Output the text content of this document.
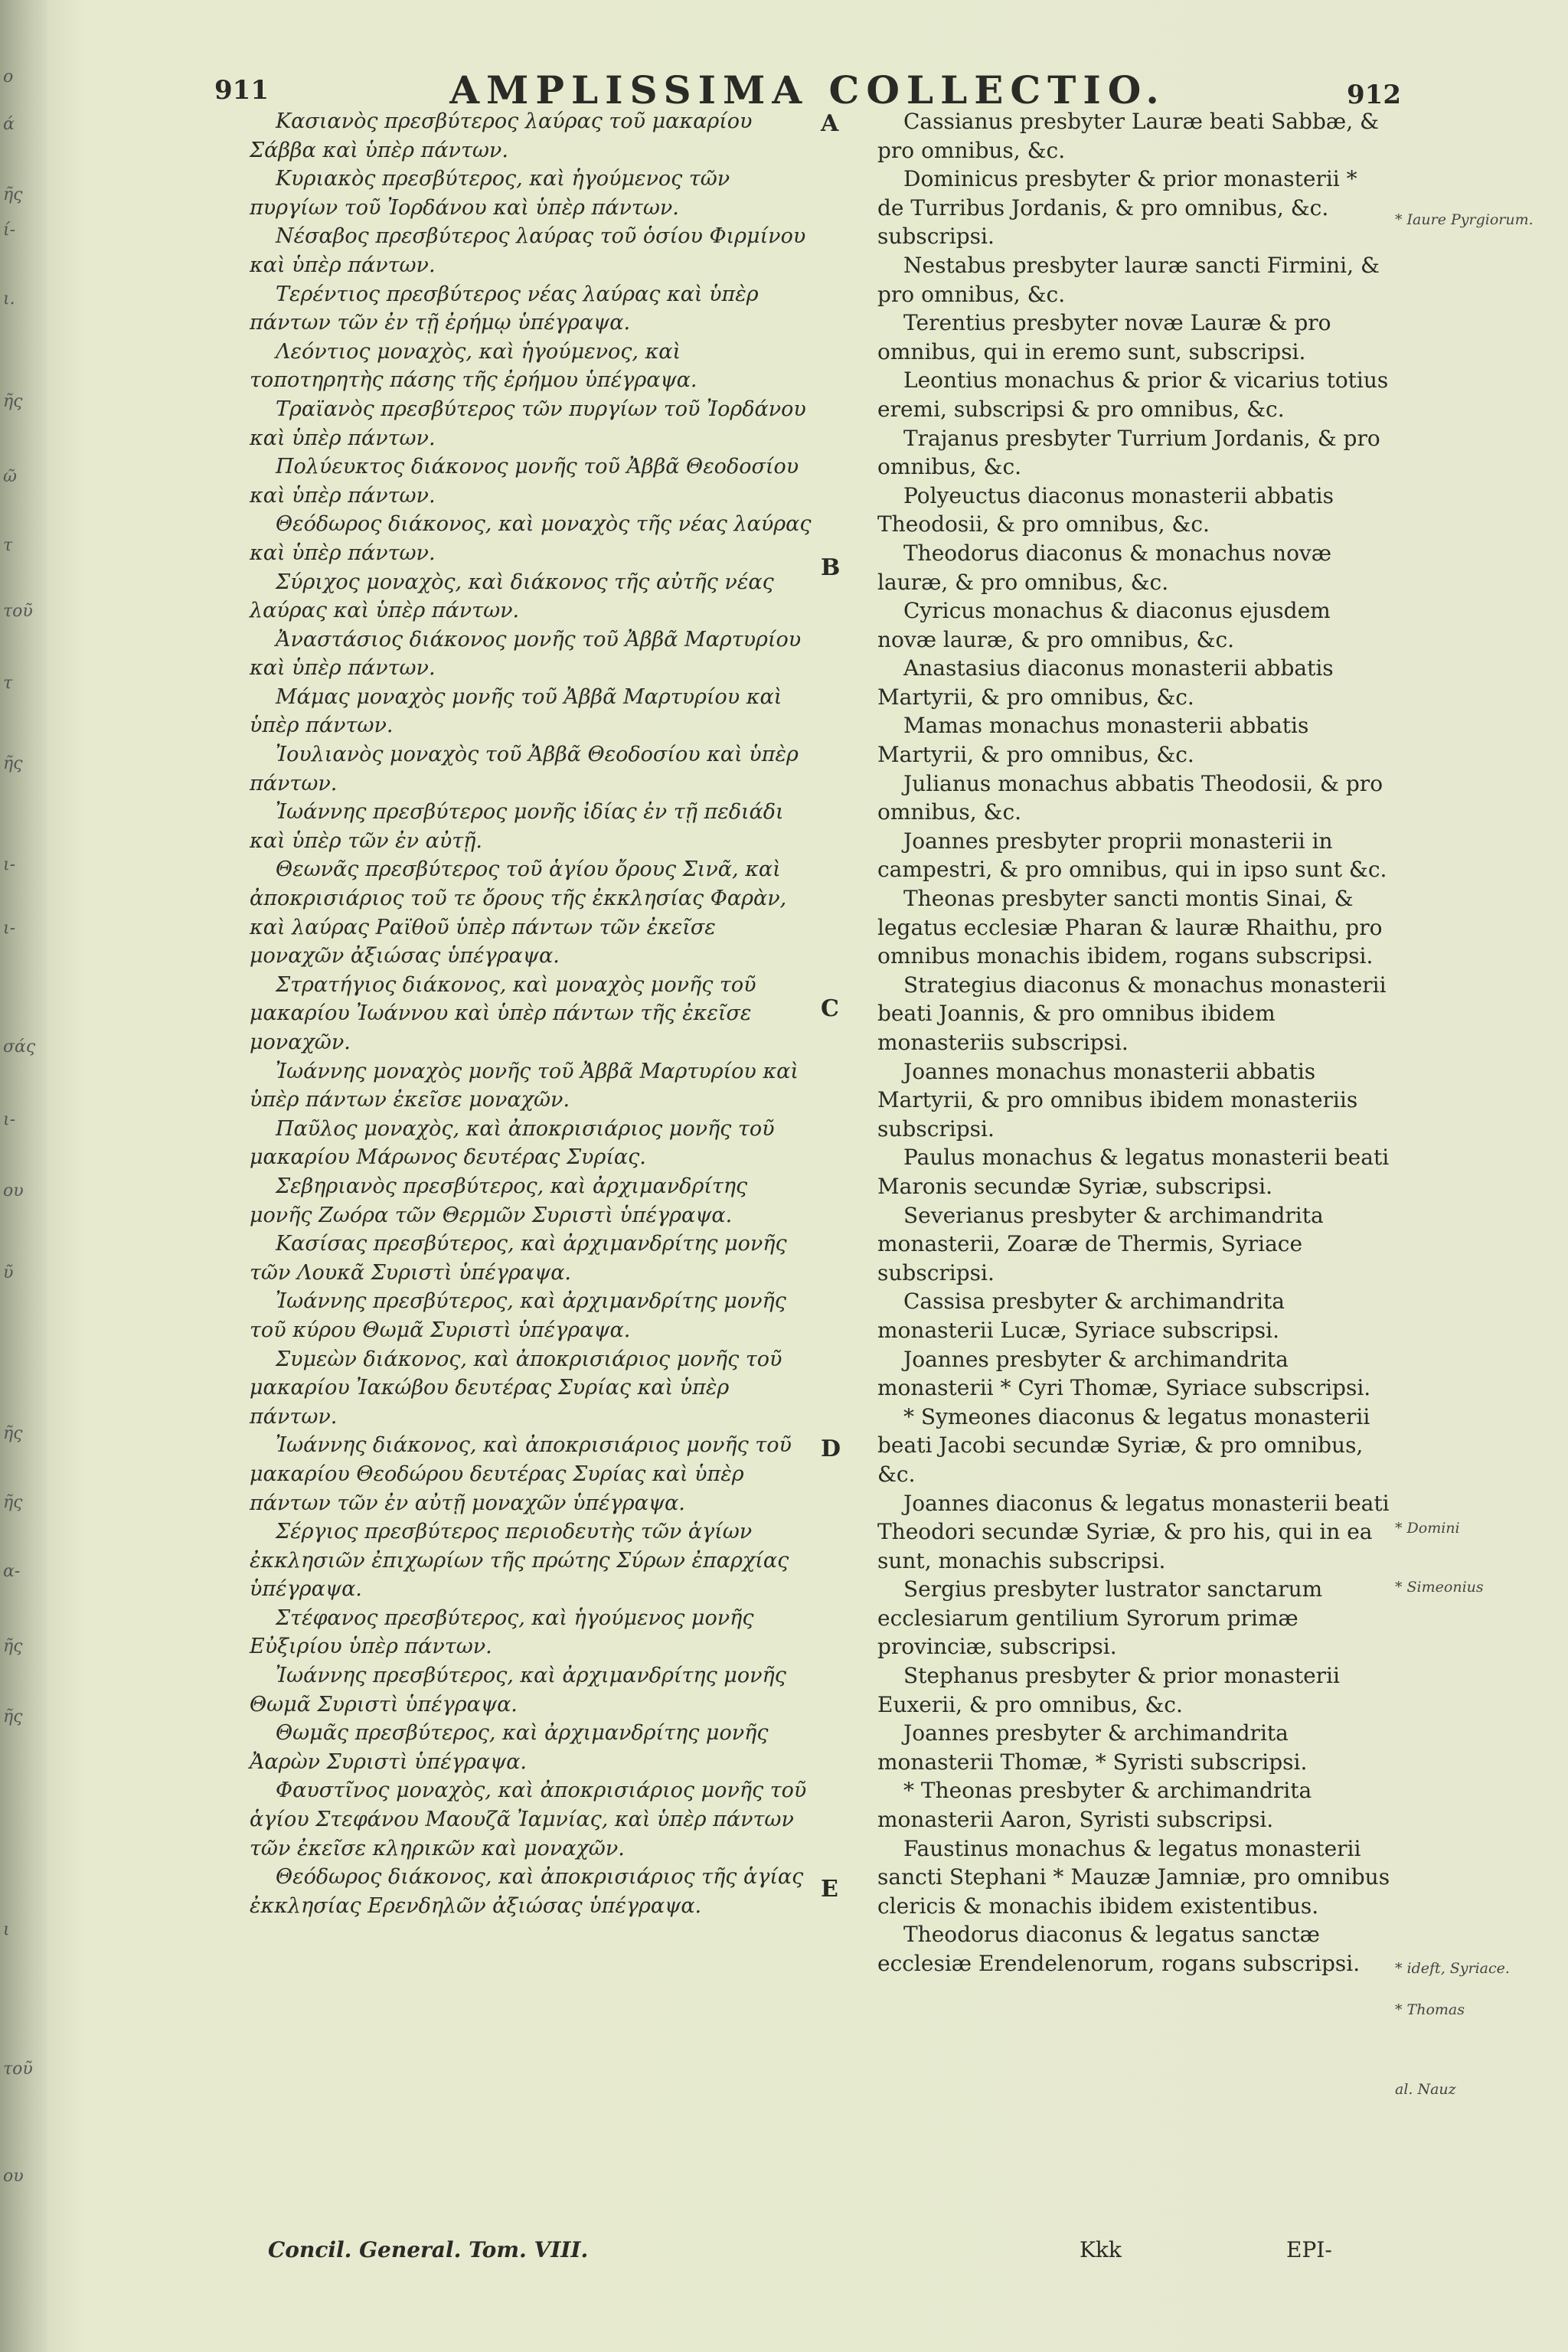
ο
ά
ῆς
ί-
ι.
ῆς
ῶ
τ
τοῦ
τ
ῆς
ι-
ι-
σάς
ι-
ου
ῦ
ῆς
ῆς
α-
ῆς
ῆς
ι
τοῦ
ου
911	AMPLISSIMA COLLECTIO.	912

Κασιανὸς πρεσβύτερος λαύρας τοῦ μακαρίου Σάββα καὶ ὑπὲρ πάντων.

Κυριακὸς πρεσβύτερος, καὶ ἡγούμενος τῶν πυργίων τοῦ Ἰορδάνου καὶ ὑπὲρ πάντων.

Νέσαβος πρεσβύτερος λαύρας τοῦ ὁσίου Φιρμίνου καὶ ὑπὲρ πάντων.

Τερέντιος πρεσβύτερος νέας λαύρας καὶ ὑπὲρ πάντων τῶν ἐν τῇ ἐρήμῳ ὑπέγραψα.

Λεόντιος μοναχὸς, καὶ ἡγούμενος, καὶ τοποτηρητὴς πάσης τῆς ἐρήμου ὑπέγραψα.

Τραϊανὸς πρεσβύτερος τῶν πυργίων τοῦ Ἰορδάνου καὶ ὑπὲρ πάντων.

Πολύευκτος διάκονος μονῆς τοῦ Ἀββᾶ Θεοδοσίου καὶ ὑπὲρ πάντων.

Θεόδωρος διάκονος, καὶ μοναχὸς τῆς νέας λαύρας καὶ ὑπὲρ πάντων.

Σύριχος μοναχὸς, καὶ διάκονος τῆς αὐτῆς νέας λαύρας καὶ ὑπὲρ πάντων.

Ἀναστάσιος διάκονος μονῆς τοῦ Ἀββᾶ Μαρτυρίου καὶ ὑπὲρ πάντων.

Μάμας μοναχὸς μονῆς τοῦ Ἀββᾶ Μαρτυρίου καὶ ὑπὲρ πάντων.

Ἰουλιανὸς μοναχὸς τοῦ Ἀββᾶ Θεοδοσίου καὶ ὑπὲρ πάντων.

Ἰωάννης πρεσβύτερος μονῆς ἰδίας ἐν τῇ πεδιάδι καὶ ὑπὲρ τῶν ἐν αὐτῇ.

Θεωνᾶς πρεσβύτερος τοῦ ἁγίου ὄρους Σινᾶ, καὶ ἀποκρισιάριος τοῦ τε ὄρους τῆς ἐκκλησίας Φαρὰν, καὶ λαύρας Ραϊθοῦ ὑπὲρ πάντων τῶν ἐκεῖσε μοναχῶν ἀξιώσας ὑπέγραψα.

Στρατήγιος διάκονος, καὶ μοναχὸς μονῆς τοῦ μακαρίου Ἰωάννου καὶ ὑπὲρ πάντων τῆς ἐκεῖσε μοναχῶν.

Ἰωάννης μοναχὸς μονῆς τοῦ Ἀββᾶ Μαρτυρίου καὶ ὑπὲρ πάντων ἐκεῖσε μοναχῶν.

Παῦλος μοναχὸς, καὶ ἀποκρισιάριος μονῆς τοῦ μακαρίου Μάρωνος δευτέρας Συρίας.

Σεβηριανὸς πρεσβύτερος, καὶ ἀρχιμανδρίτης μονῆς Ζωόρα τῶν Θερμῶν Συριστὶ ὑπέγραψα.

Κασίσας πρεσβύτερος, καὶ ἀρχιμανδρίτης μονῆς τῶν Λουκᾶ Συριστὶ ὑπέγραψα.

Ἰωάννης πρεσβύτερος, καὶ ἀρχιμανδρίτης μονῆς τοῦ κύρου Θωμᾶ Συριστὶ ὑπέγραψα.

Συμεὼν διάκονος, καὶ ἀποκρισιάριος μονῆς τοῦ μακαρίου Ἰακώβου δευτέρας Συρίας καὶ ὑπὲρ πάντων.

Ἰωάννης διάκονος, καὶ ἀποκρισιάριος μονῆς τοῦ μακαρίου Θεοδώρου δευτέρας Συρίας καὶ ὑπὲρ πάντων τῶν ἐν αὐτῇ μοναχῶν ὑπέγραψα.

Σέργιος πρεσβύτερος περιοδευτὴς τῶν ἁγίων ἐκκλησιῶν ἐπιχωρίων τῆς πρώτης Σύρων ἐπαρχίας ὑπέγραψα.

Στέφανος πρεσβύτερος, καὶ ἡγούμενος μονῆς Εὐξιρίου ὑπὲρ πάντων.

Ἰωάννης πρεσβύτερος, καὶ ἀρχιμανδρίτης μονῆς Θωμᾶ Συριστὶ ὑπέγραψα.

Θωμᾶς πρεσβύτερος, καὶ ἀρχιμανδρίτης μονῆς Ἀαρὼν Συριστὶ ὑπέγραψα.

Φαυστῖνος μοναχὸς, καὶ ἀποκρισιάριος μονῆς τοῦ ἁγίου Στεφάνου Μαουζᾶ Ἰαμνίας, καὶ ὑπὲρ πάντων τῶν ἐκεῖσε κληρικῶν καὶ μοναχῶν.

Θεόδωρος διάκονος, καὶ ἀποκρισιάριος τῆς ἁγίας ἐκκλησίας Ερενδηλῶν ἀξιώσας ὑπέγραψα.

A
B
C
D
E

Cassianus presbyter Lauræ beati Sabbæ, & pro omnibus, &c.

Dominicus presbyter & prior monasterii * de Turribus Jordanis, & pro omnibus, &c. subscripsi.

Nestabus presbyter lauræ sancti Firmini, & pro omnibus, &c.

Terentius presbyter novæ Lauræ & pro omnibus, qui in eremo sunt, subscripsi.

Leontius monachus & prior & vicarius totius eremi, subscripsi & pro omnibus, &c.

Trajanus presbyter Turrium Jordanis, & pro omnibus, &c.

Polyeuctus diaconus monasterii abbatis Theodosii, & pro omnibus, &c.

Theodorus diaconus & monachus novæ lauræ, & pro omnibus, &c.

Cyricus monachus & diaconus ejusdem novæ lauræ, & pro omnibus, &c.

Anastasius diaconus monasterii abbatis Martyrii, & pro omnibus, &c.

Mamas monachus monasterii abbatis Martyrii, & pro omnibus, &c.

Julianus monachus abbatis Theodosii, & pro omnibus, &c.

Joannes presbyter proprii monasterii in campestri, & pro omnibus, qui in ipso sunt &c.

Theonas presbyter sancti montis Sinai, & legatus ecclesiæ Pharan & lauræ Rhaithu, pro omnibus monachis ibidem, rogans subscripsi.

Strategius diaconus & monachus monasterii beati Joannis, & pro omnibus ibidem monasteriis subscripsi.

Joannes monachus monasterii abbatis Martyrii, & pro omnibus ibidem monasteriis subscripsi.

Paulus monachus & legatus monasterii beati Maronis secundæ Syriæ, subscripsi.

Severianus presbyter & archimandrita monasterii, Zoaræ de Thermis, Syriace subscripsi.

Cassisa presbyter & archimandrita monasterii Lucæ, Syriace subscripsi.

Joannes presbyter & archimandrita monasterii * Cyri Thomæ, Syriace subscripsi.

* Symeones diaconus & legatus monasterii beati Jacobi secundæ Syriæ, & pro omnibus, &c.

Joannes diaconus & legatus monasterii beati Theodori secundæ Syriæ, & pro his, qui in ea sunt, monachis subscripsi.

Sergius presbyter lustrator sanctarum ecclesiarum gentilium Syrorum primæ provinciæ, subscripsi.

Stephanus presbyter & prior monasterii Euxerii, & pro omnibus, &c.

Joannes presbyter & archimandrita monasterii Thomæ, * Syristi subscripsi.

* Theonas presbyter & archimandrita monasterii Aaron, Syristi subscripsi.

Faustinus monachus & legatus monasterii sancti Stephani * Mauzæ Jamniæ, pro omnibus clericis & monachis ibidem existentibus.

Theodorus diaconus & legatus sanctæ ecclesiæ Erendelenorum, rogans subscripsi.

* Iaure Pyrgiorum.
* Domini
* Simeonius
* ideft, Syriace.
* Thomas
al. Nauz
Concil. General. Tom. VIII.	Kkk	EPI-
